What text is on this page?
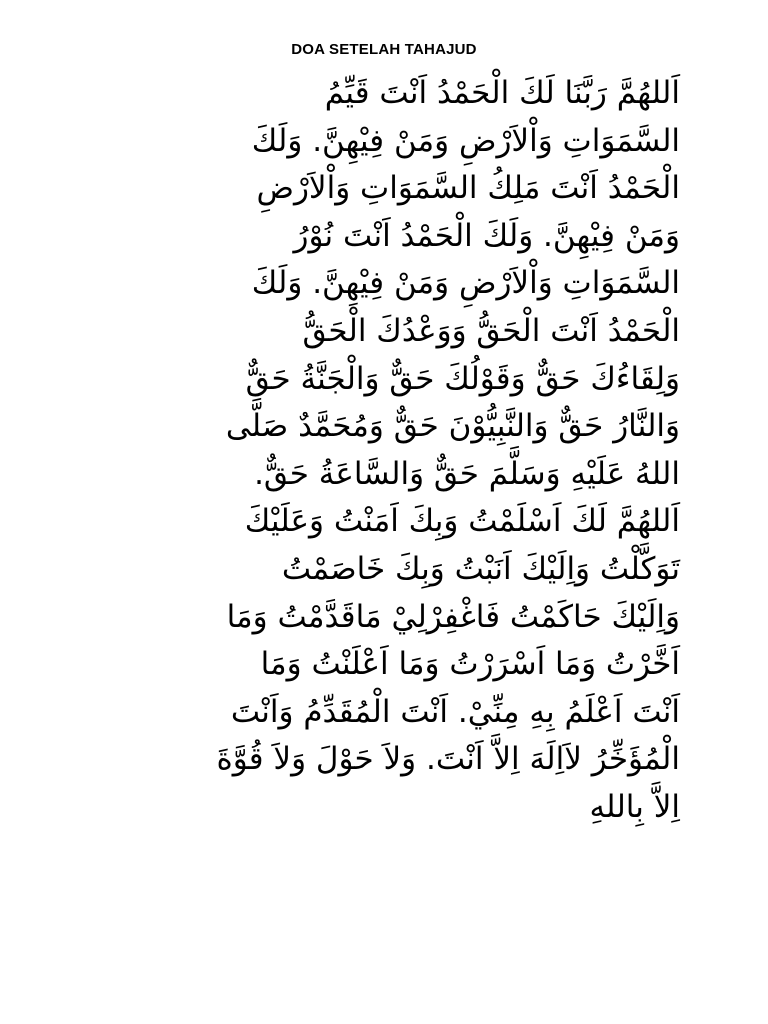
DOA SETELAH TAHAJUD
اَللهُمَّ رَبَّنَا لَكَ الْحَمْدُ اَنْتَ قَيِّمُ
السَّمَوَاتِ وَاْلاَرْضِ وَمَنْ فِيْهِنَّ. وَلَكَ
الْحَمْدُ اَنْتَ مَلِكُ السَّمَوَاتِ وَاْلاَرْضِ
وَمَنْ فِيْهِنَّ. وَلَكَ الْحَمْدُ اَنْتَ نُوْرُ
السَّمَوَاتِ وَاْلاَرْضِ وَمَنْ فِيْهِنَّ. وَلَكَ
الْحَمْدُ اَنْتَ الْحَقُّ وَوَعْدُكَ الْحَقُّ
وَلِقَاءُكَ حَقٌّ وَقَوْلُكَ حَقٌّ وَالْجَنَّةُ حَقٌّ
وَالنَّارُ حَقٌّ وَالنَّبِيُّوْنَ حَقٌّ وَمُحَمَّدٌ صَلَّى
اللهُ عَلَيْهِ وَسَلَّمَ حَقٌّ وَالسَّاعَةُ حَقٌّ.
اَللهُمَّ لَكَ اَسْلَمْتُ وَبِكَ اَمَنْتُ وَعَلَيْكَ
تَوَكَّلْتُ وَاِلَيْكَ اَنَبْتُ وَبِكَ خَاصَمْتُ
وَاِلَيْكَ حَاكَمْتُ فَاغْفِرْلِيْ مَاقَدَّمْتُ وَمَا
اَخَّرْتُ وَمَا اَسْرَرْتُ وَمَا اَعْلَنْتُ وَمَا
اَنْتَ اَعْلَمُ بِهِ مِنِّيْ. اَنْتَ الْمُقَدِّمُ وَاَنْتَ
الْمُؤَخِّرُ لاَاِلَهَ اِلاَّ اَنْتَ. وَلاَ حَوْلَ وَلاَ قُوَّةَ
اِلاَّ بِاللهِ
